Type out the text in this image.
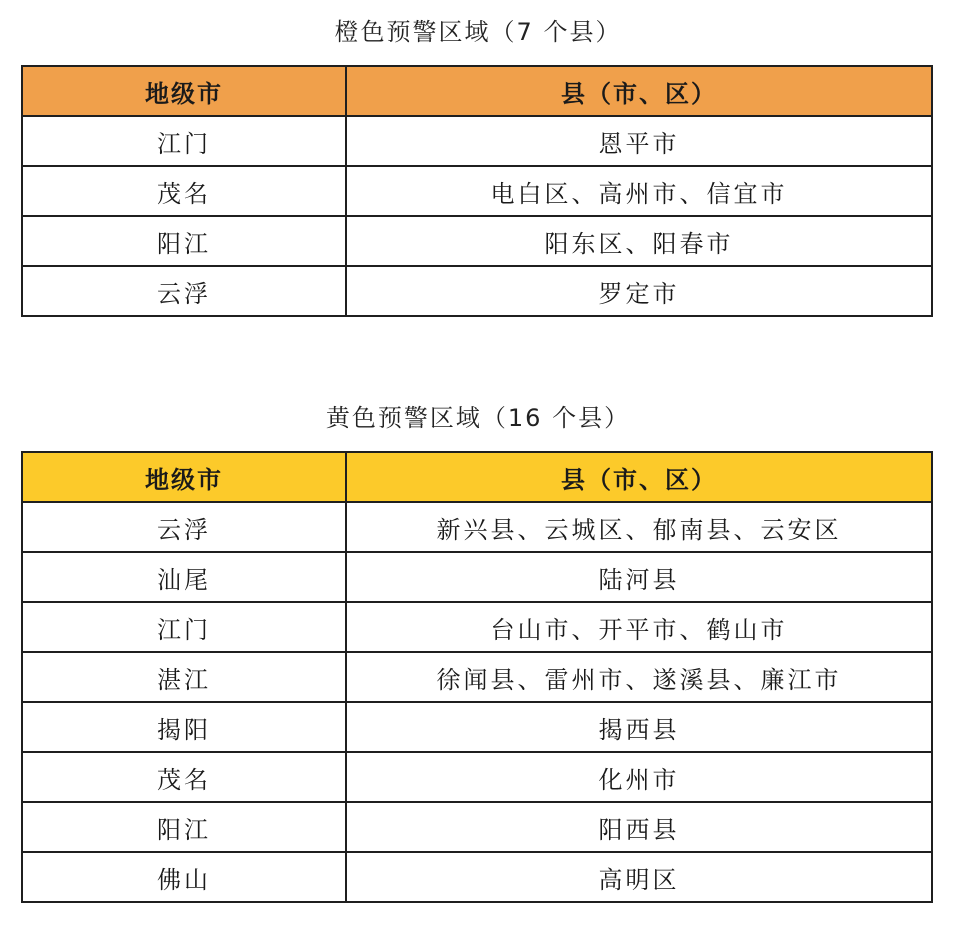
橙色预警区域（7 个县）
地级市	县（市、区）
江门	恩平市
茂名	电白区、高州市、信宜市
阳江	阳东区、阳春市
云浮	罗定市
黄色预警区域（16 个县）
地级市	县（市、区）
云浮	新兴县、云城区、郁南县、云安区
汕尾	陆河县
江门	台山市、开平市、鹤山市
湛江	徐闻县、雷州市、遂溪县、廉江市
揭阳	揭西县
茂名	化州市
阳江	阳西县
佛山	高明区
